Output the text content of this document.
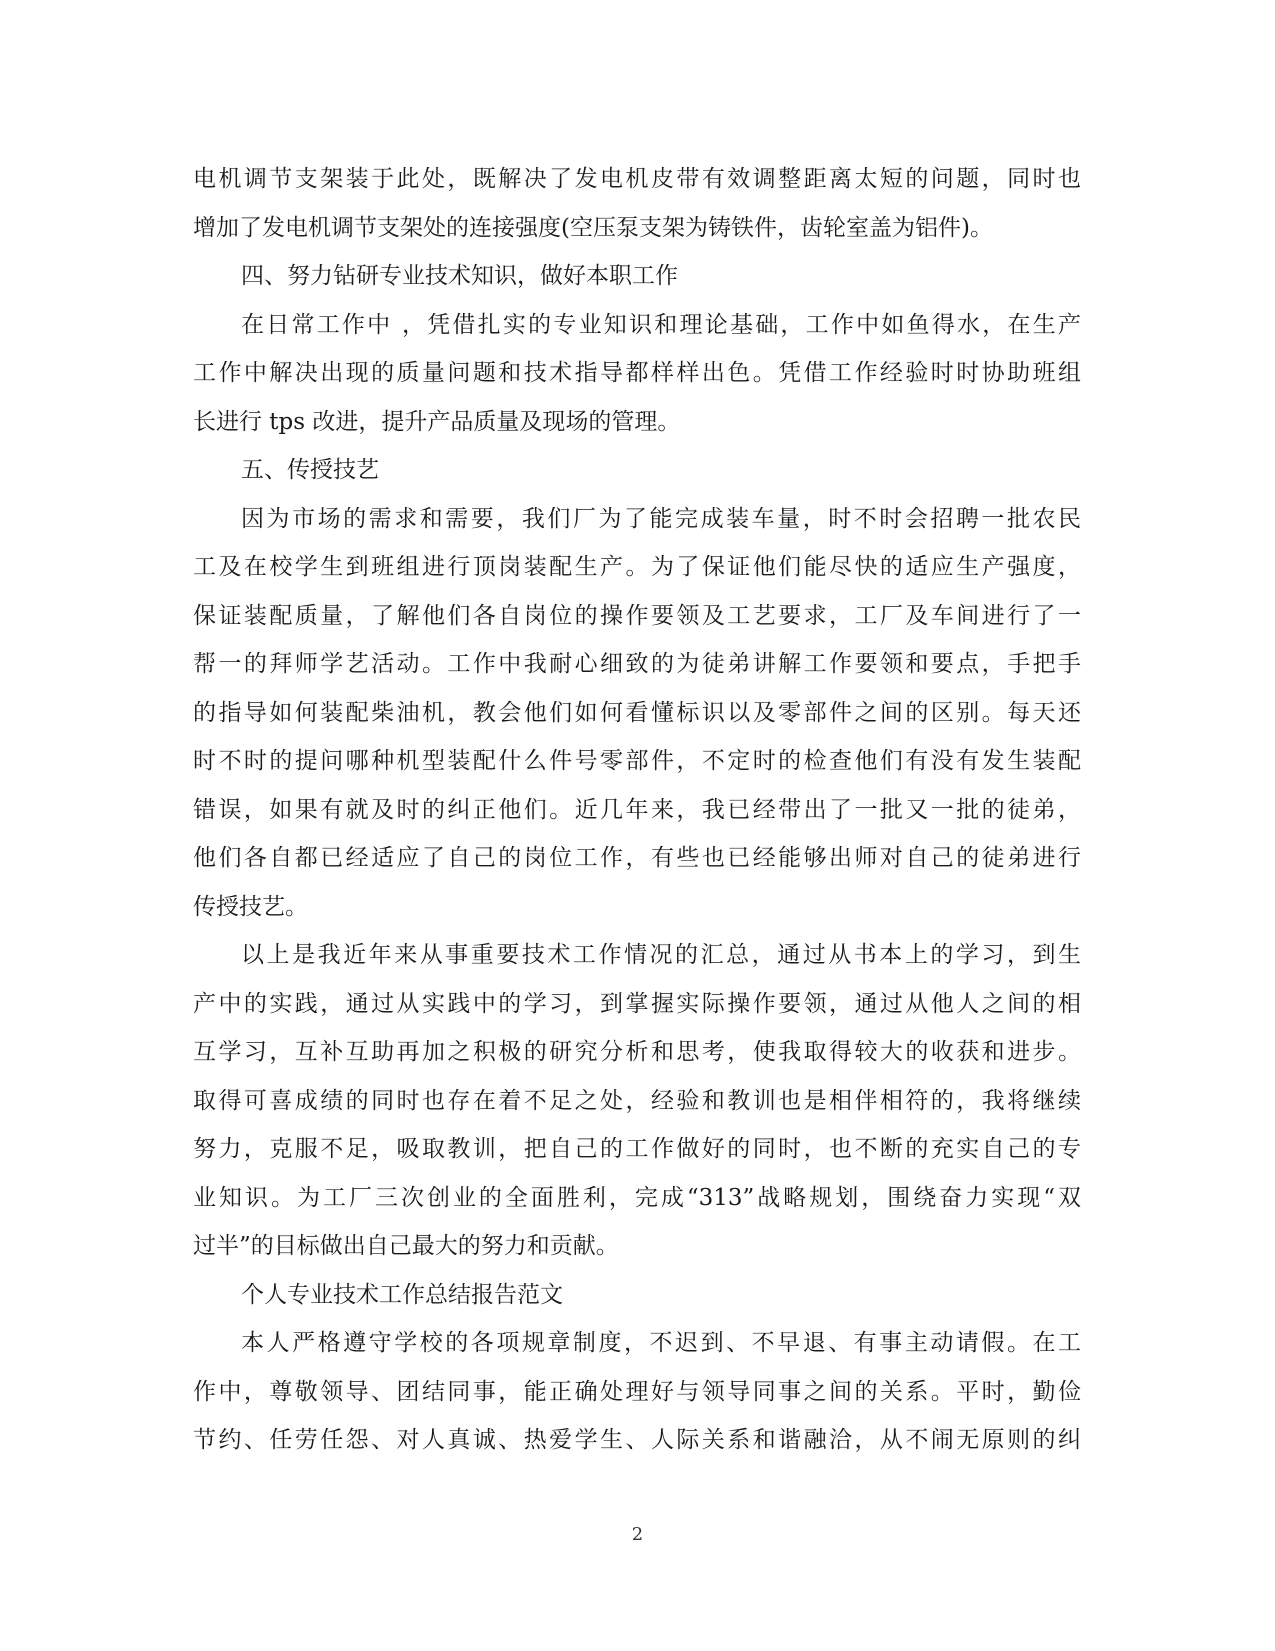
电机调节支架装于此处，既解决了发电机皮带有效调整距离太短的问题，同时也
增加了发电机调节支架处的连接强度(空压泵支架为铸铁件，齿轮室盖为铝件)。
四、努力钻研专业技术知识，做好本职工作
在日常工作中 ，凭借扎实的专业知识和理论基础，工作中如鱼得水，在生产
工作中解决出现的质量问题和技术指导都样样出色。凭借工作经验时时协助班组
长进行 tps 改进，提升产品质量及现场的管理。
五、传授技艺
因为市场的需求和需要，我们厂为了能完成装车量，时不时会招聘一批农民
工及在校学生到班组进行顶岗装配生产。为了保证他们能尽快的适应生产强度，
保证装配质量，了解他们各自岗位的操作要领及工艺要求，工厂及车间进行了一
帮一的拜师学艺活动。工作中我耐心细致的为徒弟讲解工作要领和要点，手把手
的指导如何装配柴油机，教会他们如何看懂标识以及零部件之间的区别。每天还
时不时的提问哪种机型装配什么件号零部件，不定时的检查他们有没有发生装配
错误，如果有就及时的纠正他们。近几年来，我已经带出了一批又一批的徒弟，
他们各自都已经适应了自己的岗位工作，有些也已经能够出师对自己的徒弟进行
传授技艺。
以上是我近年来从事重要技术工作情况的汇总，通过从书本上的学习，到生
产中的实践，通过从实践中的学习，到掌握实际操作要领，通过从他人之间的相
互学习，互补互助再加之积极的研究分析和思考，使我取得较大的收获和进步。
取得可喜成绩的同时也存在着不足之处，经验和教训也是相伴相符的，我将继续
努力，克服不足，吸取教训，把自己的工作做好的同时，也不断的充实自己的专
业知识。为工厂三次创业的全面胜利，完成“313”战略规划，围绕奋力实现“双
过半”的目标做出自己最大的努力和贡献。
个人专业技术工作总结报告范文
本人严格遵守学校的各项规章制度，不迟到、不早退、有事主动请假。在工
作中，尊敬领导、团结同事，能正确处理好与领导同事之间的关系。平时，勤俭
节约、任劳任怨、对人真诚、热爱学生、人际关系和谐融洽，从不闹无原则的纠
2
